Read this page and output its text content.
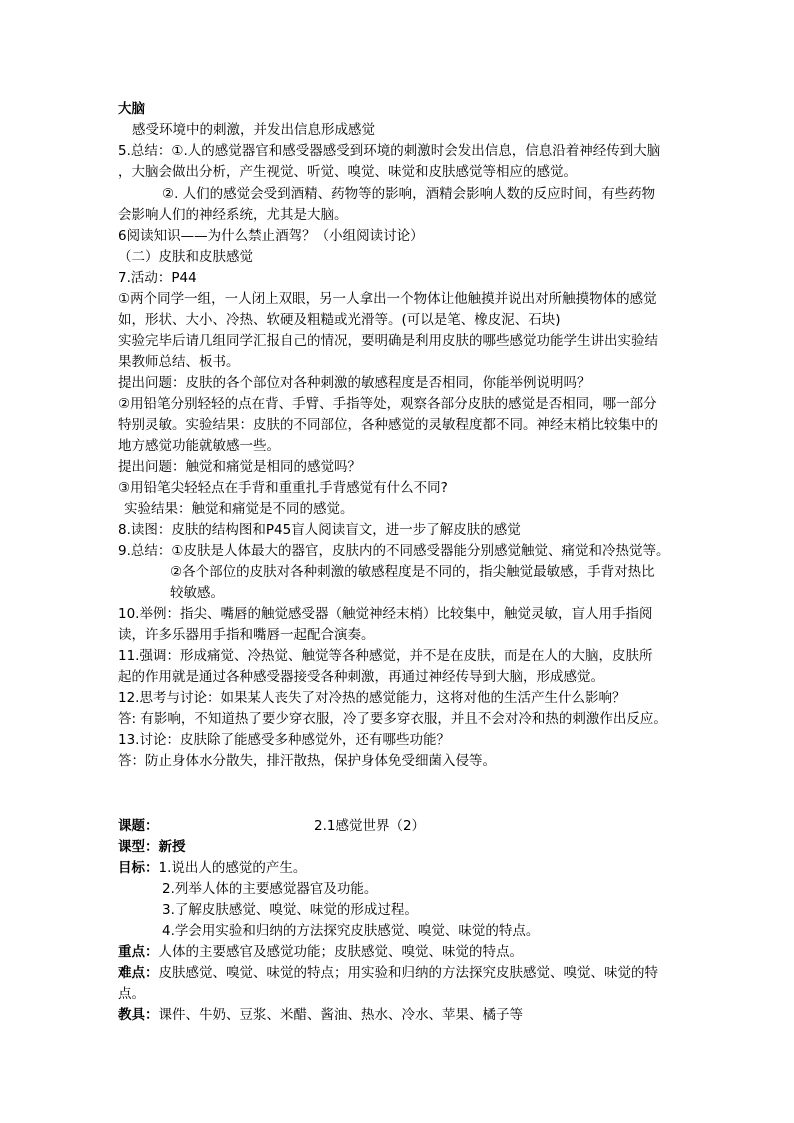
大脑
感受环境中的刺激，并发出信息形成感觉
5.总结：①.人的感觉器官和感受器感受到环境的刺激时会发出信息，信息沿着神经传到大脑
，大脑会做出分析，产生视觉、听觉、嗅觉、味觉和皮肤感觉等相应的感觉。
②. 人们的感觉会受到酒精、药物等的影响，酒精会影响人数的反应时间，有些药物
会影响人们的神经系统，尤其是大脑。
6阅读知识——为什么禁止酒驾？（小组阅读讨论）
（二）皮肤和皮肤感觉
7.活动：P44
①两个同学一组，一人闭上双眼，另一人拿出一个物体让他触摸并说出对所触摸物体的感觉
如，形状、大小、冷热、软硬及粗糙或光滑等。(可以是笔、橡皮泥、石块)
实验完毕后请几组同学汇报自己的情况，要明确是利用皮肤的哪些感觉功能学生讲出实验结
果教师总结、板书。
提出问题：皮肤的各个部位对各种刺激的敏感程度是否相同，你能举例说明吗？
②用铅笔分别轻轻的点在背、手臂、手指等处，观察各部分皮肤的感觉是否相同，哪一部分
特别灵敏。实验结果：皮肤的不同部位，各种感觉的灵敏程度都不同。神经末梢比较集中的
地方感觉功能就敏感一些。
提出问题：触觉和痛觉是相同的感觉吗？
③用铅笔尖轻轻点在手背和重重扎手背感觉有什么不同?
实验结果：触觉和痛觉是不同的感觉。
8.读图：皮肤的结构图和P45盲人阅读盲文，进一步了解皮肤的感觉
9.总结：①皮肤是人体最大的器官，皮肤内的不同感受器能分别感觉触觉、痛觉和冷热觉等。
②各个部位的皮肤对各种刺激的敏感程度是不同的，指尖触觉最敏感，手背对热比
较敏感。
10.举例：指尖、嘴唇的触觉感受器（触觉神经末梢）比较集中，触觉灵敏，盲人用手指阅
读，许多乐器用手指和嘴唇一起配合演奏。
11.强调：形成痛觉、冷热觉、触觉等各种感觉，并不是在皮肤，而是在人的大脑，皮肤所
起的作用就是通过各种感受器接受各种刺激，再通过神经传导到大脑，形成感觉。
12.思考与讨论：如果某人丧失了对冷热的感觉能力，这将对他的生活产生什么影响？
答: 有影响，不知道热了要少穿衣服，冷了要多穿衣服，并且不会对冷和热的刺激作出反应。
13.讨论：皮肤除了能感受多种感觉外，还有哪些功能？
答：防止身体水分散失，排汗散热，保护身体免受细菌入侵等。
课题：	2.1感觉世界（2）
课型：新授
目标：1.说出人的感觉的产生。
2.列举人体的主要感觉器官及功能。
3.了解皮肤感觉、嗅觉、味觉的形成过程。
4.学会用实验和归纳的方法探究皮肤感觉、嗅觉、味觉的特点。
重点：人体的主要感官及感觉功能；皮肤感觉、嗅觉、味觉的特点。
难点：皮肤感觉、嗅觉、味觉的特点；用实验和归纳的方法探究皮肤感觉、嗅觉、味觉的特
点。
教具：课件、牛奶、豆浆、米醋、酱油、热水、冷水、苹果、橘子等
